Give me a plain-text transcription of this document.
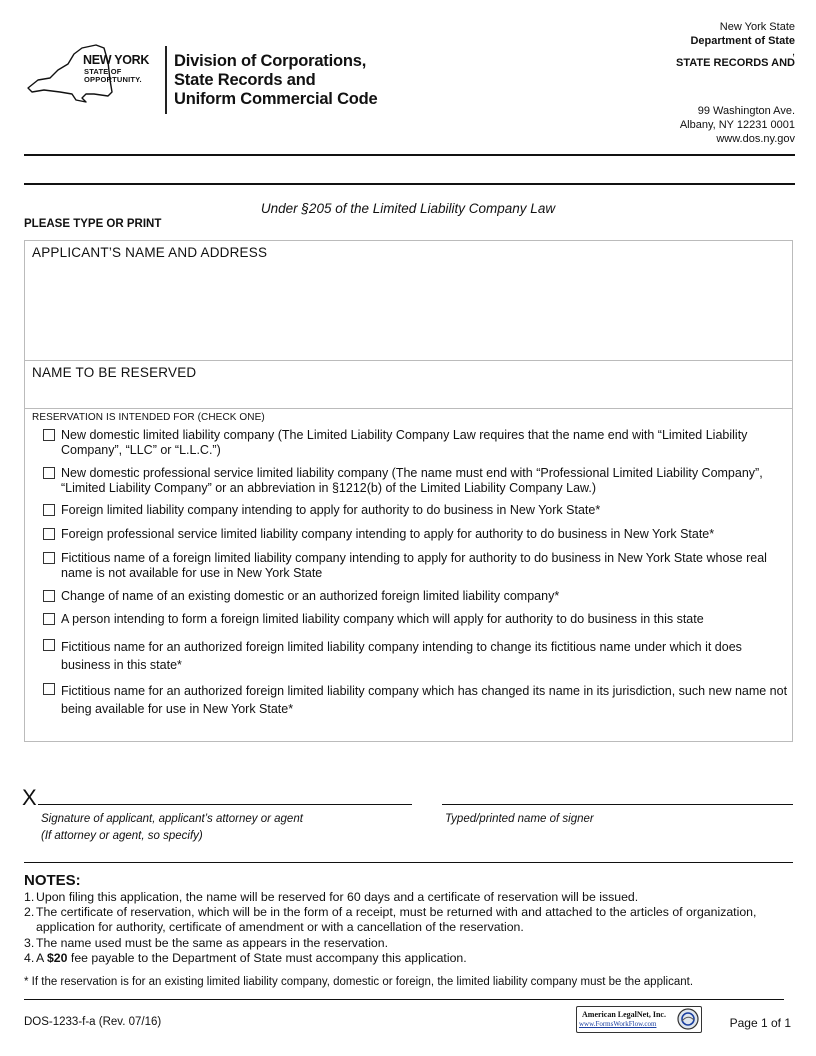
NEW YORK
STATE OF
OPPORTUNITY.
Division of Corporations,
State Records and
Uniform Commercial Code
New York State
Department of State
,
STATE RECORDS AND
99 Washington Ave.
Albany, NY 12231 0001
www.dos.ny.gov
Under §205 of the Limited Liability Company Law
PLEASE TYPE OR PRINT
APPLICANT’S NAME AND ADDRESS
NAME TO BE RESERVED
RESERVATION IS INTENDED FOR (CHECK ONE)
New domestic limited liability company (The Limited Liability Company Law requires that the name end with “Limited Liability Company”, “LLC” or “L.L.C.”)
New domestic professional service limited liability company (The name must end with “Professional Limited Liability Company”, “Limited Liability Company” or an abbreviation in §1212(b) of the Limited Liability Company Law.)
Foreign limited liability company intending to apply for authority to do business in New York State*
Foreign professional service limited liability company intending to apply for authority to do business in New York State*
Fictitious name of a foreign limited liability company intending to apply for authority to do business in New York State whose real name is not available for use in New York State
Change of name of an existing domestic or an authorized foreign limited liability company*
A person intending to form a foreign limited liability company which will apply for authority to do business in this state
Fictitious name for an authorized foreign limited liability company intending to change its fictitious name under which it does business in this state*
Fictitious name for an authorized foreign limited liability company which has changed its name in its jurisdiction, such new name not being available for use in New York State*
X
Signature of applicant, applicant’s attorney or agent
(If attorney or agent, so specify)
Typed/printed name of signer
NOTES:
1. Upon filing this application, the name will be reserved for 60 days and a certificate of reservation will be issued.
2. The certificate of reservation, which will be in the form of a receipt, must be returned with and attached to the articles of organization, application for authority, certificate of amendment or with a cancellation of the reservation.
3. The name used must be the same as appears in the reservation.
4. A $20 fee payable to the Department of State must accompany this application.
* If the reservation is for an existing limited liability company, domestic or foreign, the limited liability company must be the applicant.
DOS-1233-f-a (Rev. 07/16)
American LegalNet, Inc.
www.FormsWorkFlow.com	Page 1 of 1
